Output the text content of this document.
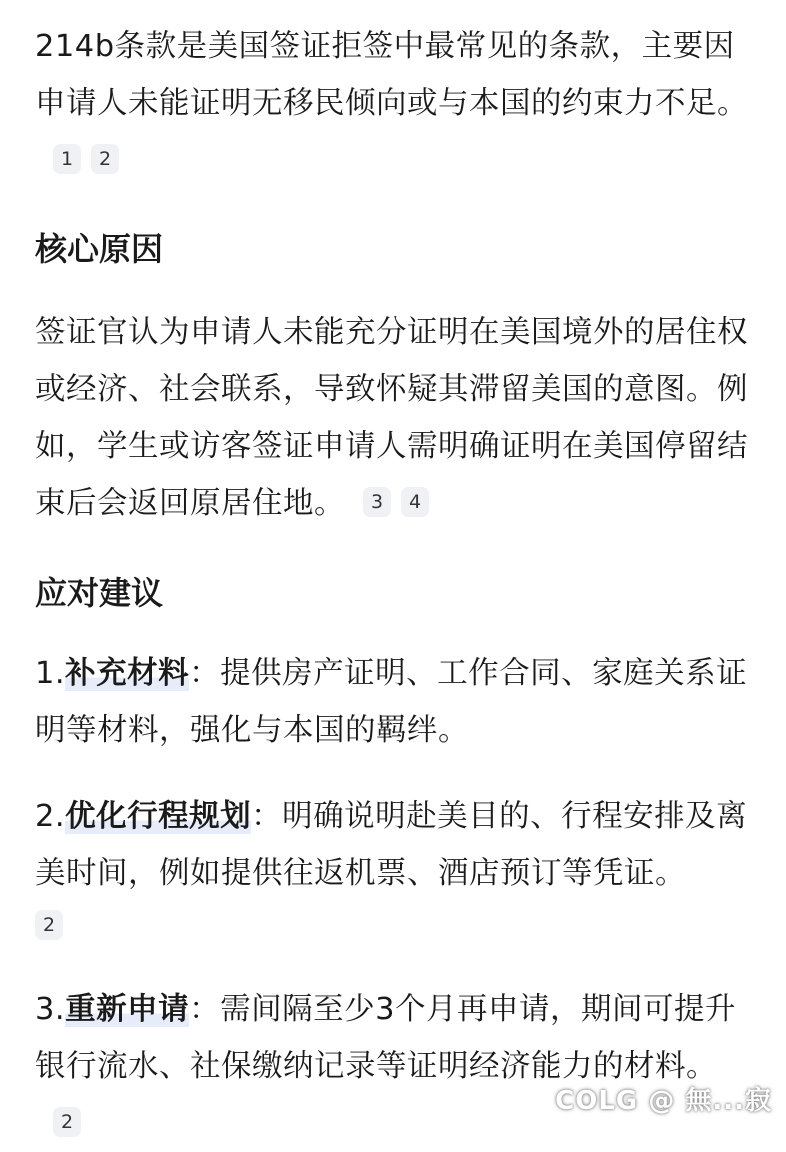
214b条款是美国签证拒签中最常见的条款，主要因申请人未能证明无移民倾向或与本国的约束力不足。1 2

核心原因

签证官认为申请人未能充分证明在美国境外的居住权或经济、社会联系，导致怀疑其滞留美国的意图。例如，学生或访客签证申请人需明确证明在美国停留结束后会返回原居住地。 3 4

应对建议

1.补充材料：提供房产证明、工作合同、家庭关系证明等材料，强化与本国的羁绊。

2.优化行程规划：明确说明赴美目的、行程安排及离美时间，例如提供往返机票、酒店预订等凭证。
2

3.重新申请：需间隔至少3个月再申请，期间可提升银行流水、社保缴纳记录等证明经济能力的材料。2

COLG @ 無...寂
